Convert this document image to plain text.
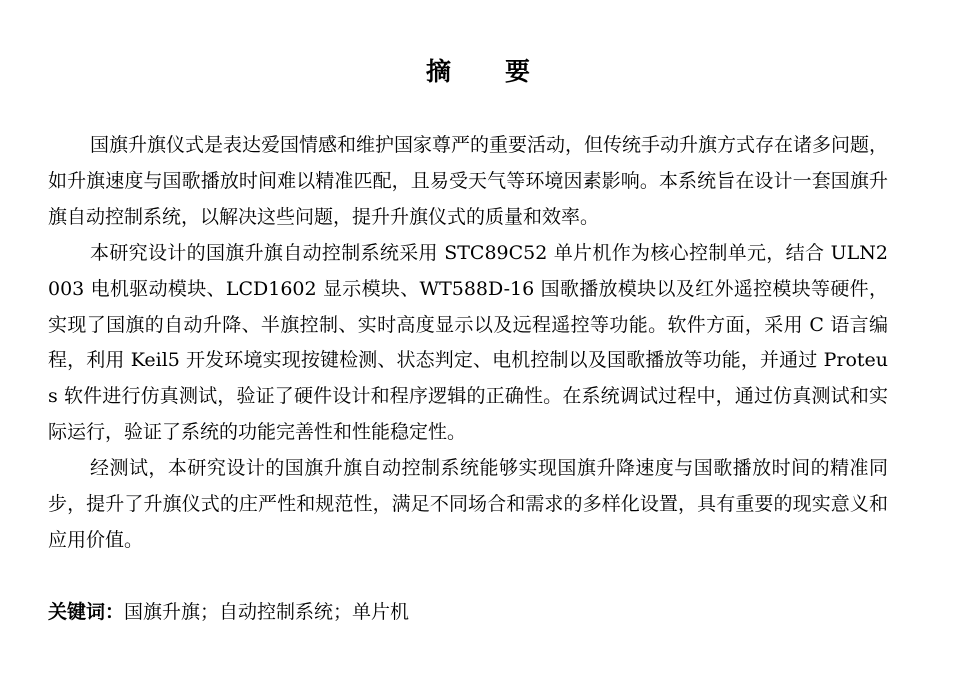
摘 要

国旗升旗仪式是表达爱国情感和维护国家尊严的重要活动，但传统手动升旗方式存在诸多问题，如升旗速度与国歌播放时间难以精准匹配，且易受天气等环境因素影响。本系统旨在设计一套国旗升旗自动控制系统，以解决这些问题，提升升旗仪式的质量和效率。

本研究设计的国旗升旗自动控制系统采用 STC89C52 单片机作为核心控制单元，结合 ULN2003 电机驱动模块、LCD1602 显示模块、WT588D-16 国歌播放模块以及红外遥控模块等硬件，实现了国旗的自动升降、半旗控制、实时高度显示以及远程遥控等功能。软件方面，采用 C 语言编程，利用 Keil5 开发环境实现按键检测、状态判定、电机控制以及国歌播放等功能，并通过 Proteus 软件进行仿真测试，验证了硬件设计和程序逻辑的正确性。在系统调试过程中，通过仿真测试和实际运行，验证了系统的功能完善性和性能稳定性。

经测试，本研究设计的国旗升旗自动控制系统能够实现国旗升降速度与国歌播放时间的精准同步，提升了升旗仪式的庄严性和规范性，满足不同场合和需求的多样化设置，具有重要的现实意义和应用价值。

关键词：国旗升旗；自动控制系统；单片机
